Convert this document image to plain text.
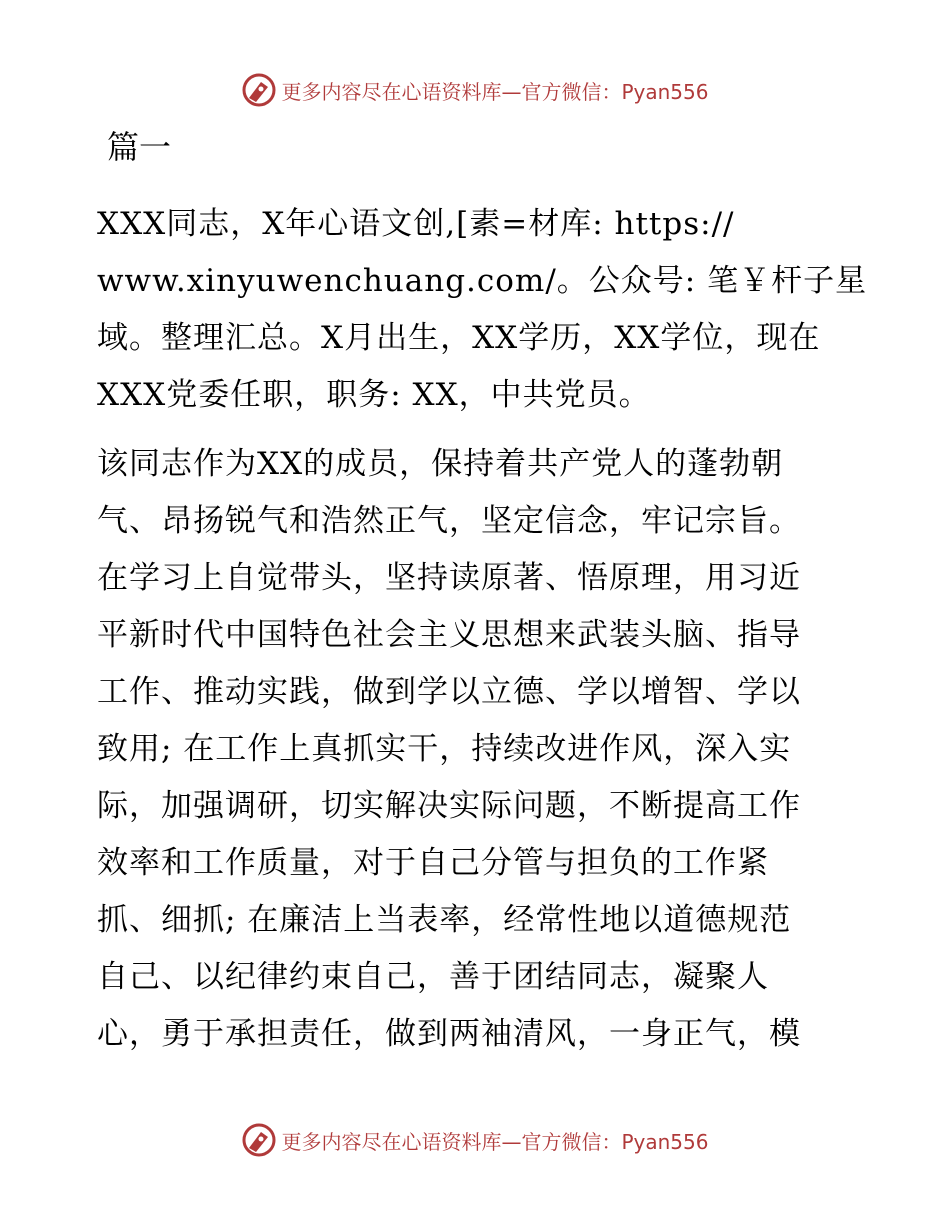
更多内容尽在心语资料库—官方微信：Pyan556
篇一

XXX同志，X年心语文创,[素=材库: https://
www.xinyuwenchuang.com/。公众号: 笔￥杆子星
域。整理汇总。X月出生，XX学历，XX学位，现在
XXX党委任职，职务: XX，中共党员。

该同志作为XX的成员，保持着共产党人的蓬勃朝
气、昂扬锐气和浩然正气，坚定信念，牢记宗旨。
在学习上自觉带头，坚持读原著、悟原理，用习近
平新时代中国特色社会主义思想来武装头脑、指导
工作、推动实践，做到学以立德、学以增智、学以
致用; 在工作上真抓实干，持续改进作风，深入实
际，加强调研，切实解决实际问题，不断提高工作
效率和工作质量，对于自己分管与担负的工作紧
抓、细抓; 在廉洁上当表率，经常性地以道德规范
自己、以纪律约束自己，善于团结同志，凝聚人
心，勇于承担责任，做到两袖清风，一身正气，模

更多内容尽在心语资料库—官方微信：Pyan556
